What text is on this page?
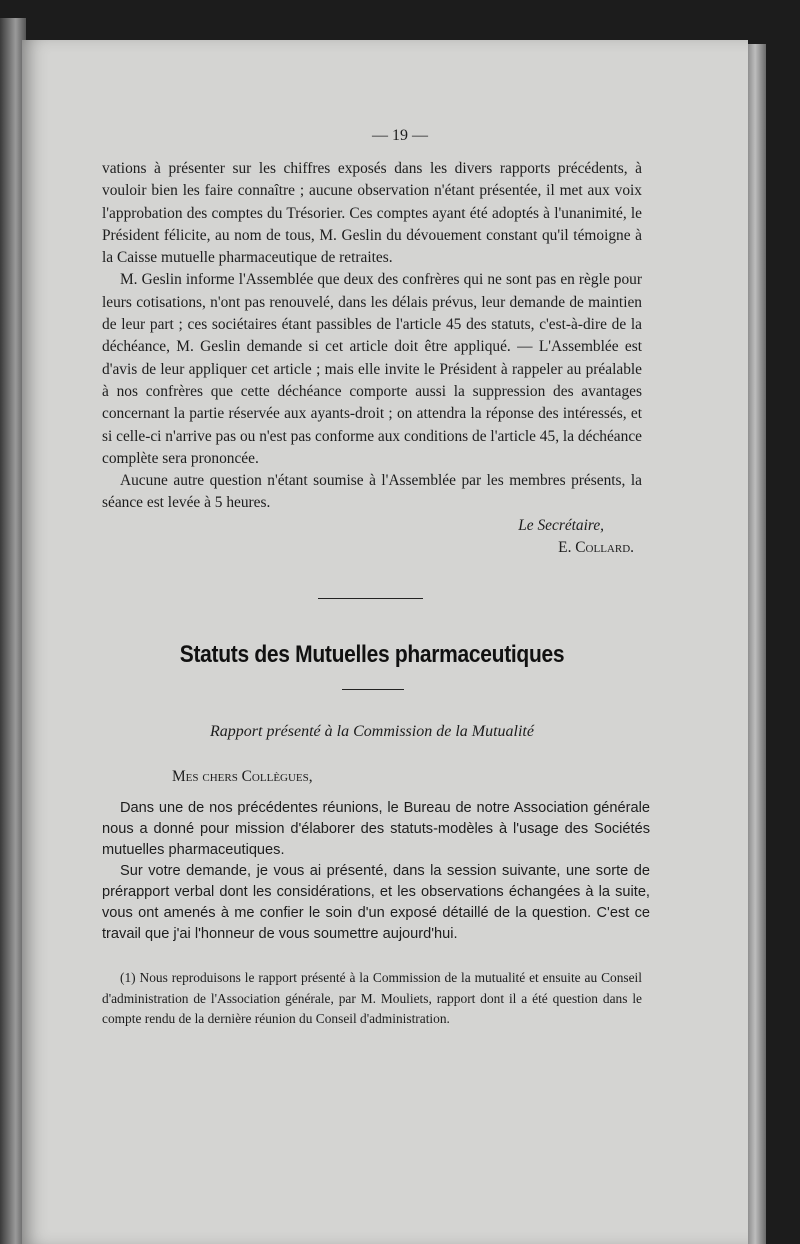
— 19 —

vations à présenter sur les chiffres exposés dans les divers rapports précédents, à vouloir bien les faire connaître ; aucune observation n'étant présentée, il met aux voix l'approbation des comptes du Trésorier. Ces comptes ayant été adoptés à l'unanimité, le Président félicite, au nom de tous, M. Geslin du dévouement constant qu'il témoigne à la Caisse mutuelle pharmaceutique de retraites.

M. Geslin informe l'Assemblée que deux des confrères qui ne sont pas en règle pour leurs cotisations, n'ont pas renouvelé, dans les délais prévus, leur demande de maintien de leur part ; ces sociétaires étant passibles de l'article 45 des statuts, c'est-à-dire de la déchéance, M. Geslin demande si cet article doit être appliqué. — L'Assemblée est d'avis de leur appliquer cet article ; mais elle invite le Président à rappeler au préalable à nos confrères que cette déchéance comporte aussi la suppression des avantages concernant la partie réservée aux ayants-droit ; on attendra la réponse des intéressés, et si celle-ci n'arrive pas ou n'est pas conforme aux conditions de l'article 45, la déchéance complète sera prononcée.

Aucune autre question n'étant soumise à l'Assemblée par les membres présents, la séance est levée à 5 heures.

Le Secrétaire,
E. Collard.
Statuts des Mutuelles pharmaceutiques
Rapport présenté à la Commission de la Mutualité
Mes chers Collègues,

Dans une de nos précédentes réunions, le Bureau de notre Association générale nous a donné pour mission d'élaborer des statuts-modèles à l'usage des Sociétés mutuelles pharmaceutiques.

Sur votre demande, je vous ai présenté, dans la session suivante, une sorte de prérapport verbal dont les considérations, et les observations échangées à la suite, vous ont amenés à me confier le soin d'un exposé détaillé de la question. C'est ce travail que j'ai l'honneur de vous soumettre aujourd'hui.

(1) Nous reproduisons le rapport présenté à la Commission de la mutualité et ensuite au Conseil d'administration de l'Association générale, par M. Mouliets, rapport dont il a été question dans le compte rendu de la dernière réunion du Conseil d'administration.
